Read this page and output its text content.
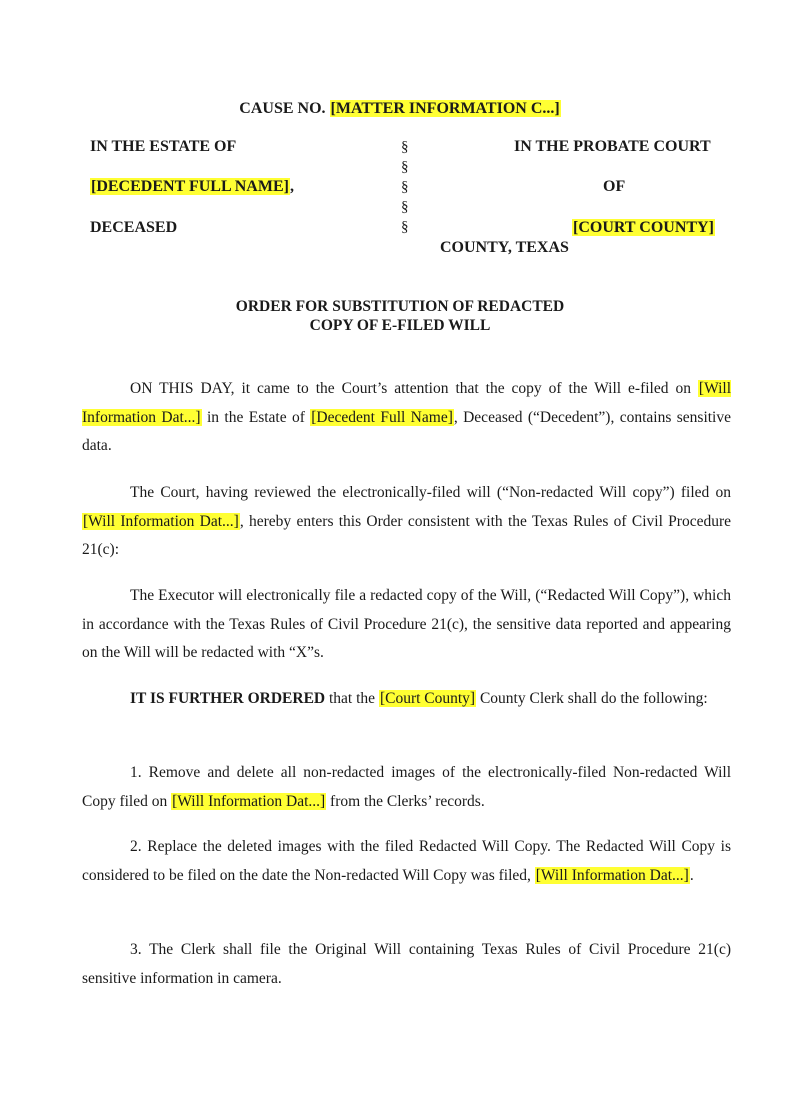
CAUSE NO. [MATTER INFORMATION C...]
IN THE ESTATE OF
[DECEDENT FULL NAME],
DECEASED
§
§
§
§
§
IN THE PROBATE COURT
OF
[COURT COUNTY]
COUNTY, TEXAS
ORDER FOR SUBSTITUTION OF REDACTED
COPY OF E-FILED WILL
ON THIS DAY, it came to the Court’s attention that the copy of the Will e-filed on [Will Information Dat...] in the Estate of [Decedent Full Name], Deceased (“Decedent”), contains sensitive data.
The Court, having reviewed the electronically-filed will (“Non-redacted Will copy”) filed on [Will Information Dat...], hereby enters this Order consistent with the Texas Rules of Civil Procedure 21(c):
The Executor will electronically file a redacted copy of the Will, (“Redacted Will Copy”), which in accordance with the Texas Rules of Civil Procedure 21(c), the sensitive data reported and appearing on the Will will be redacted with “X”s.
IT IS FURTHER ORDERED that the [Court County] County Clerk shall do the following:
1. Remove and delete all non-redacted images of the electronically-filed Non-redacted Will Copy filed on [Will Information Dat...] from the Clerks’ records.
2. Replace the deleted images with the filed Redacted Will Copy. The Redacted Will Copy is considered to be filed on the date the Non-redacted Will Copy was filed, [Will Information Dat...].
3. The Clerk shall file the Original Will containing Texas Rules of Civil Procedure 21(c) sensitive information in camera.
